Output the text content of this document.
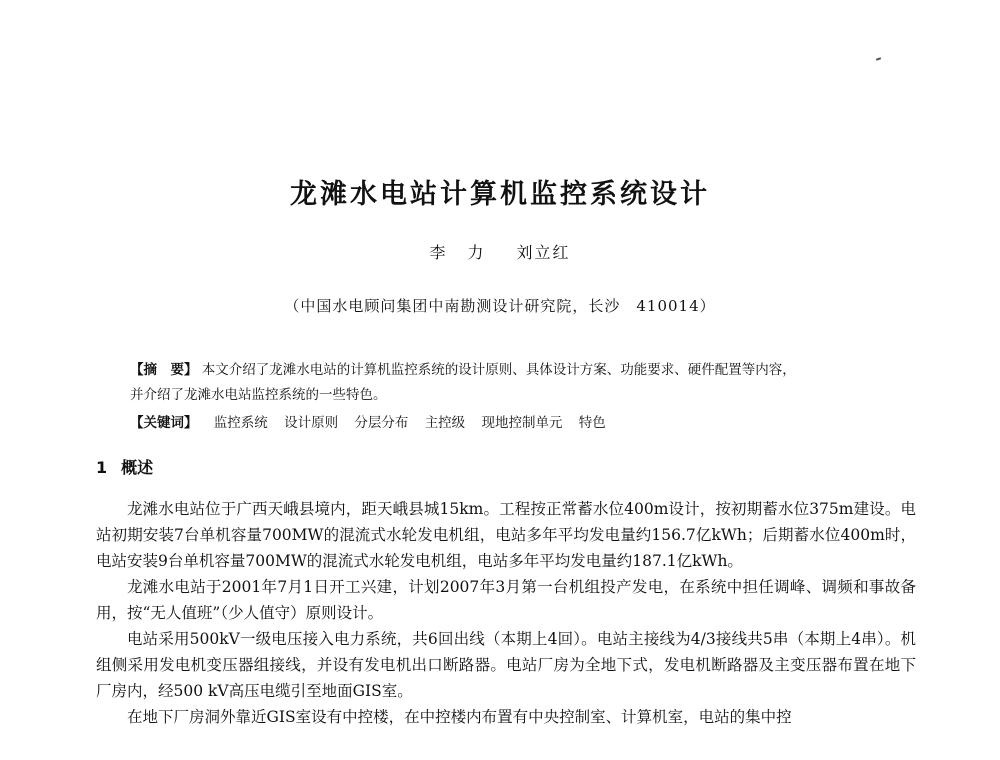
龙滩水电站计算机监控系统设计
李力 刘立红
（中国水电顾问集团中南勘测设计研究院，长沙　410014）
【摘　要】 本文介绍了龙滩水电站的计算机监控系统的设计原则、具体设计方案、功能要求、硬件配置等内容，
并介绍了龙滩水电站监控系统的一些特色。
【关键词】 监控系统 设计原则 分层分布 主控级 现地控制单元 特色
1 概述

龙滩水电站位于广西天峨县境内，距天峨县城15km。工程按正常蓄水位400m设计，按初期蓄水位375m建设。电站初期安装7台单机容量700MW的混流式水轮发电机组，电站多年平均发电量约156.7亿kWh；后期蓄水位400m时，电站安装9台单机容量700MW的混流式水轮发电机组，电站多年平均发电量约187.1亿kWh。

龙滩水电站于2001年7月1日开工兴建，计划2007年3月第一台机组投产发电，在系统中担任调峰、调频和事故备用，按“无人值班”（少人值守）原则设计。

电站采用500kV一级电压接入电力系统，共6回出线（本期上4回）。电站主接线为4/3接线共5串（本期上4串）。机组侧采用发电机变压器组接线，并设有发电机出口断路器。电站厂房为全地下式，发电机断路器及主变压器布置在地下厂房内，经500 kV高压电缆引至地面GIS室。

在地下厂房洞外靠近GIS室设有中控楼，在中控楼内布置有中央控制室、计算机室，电站的集中控
